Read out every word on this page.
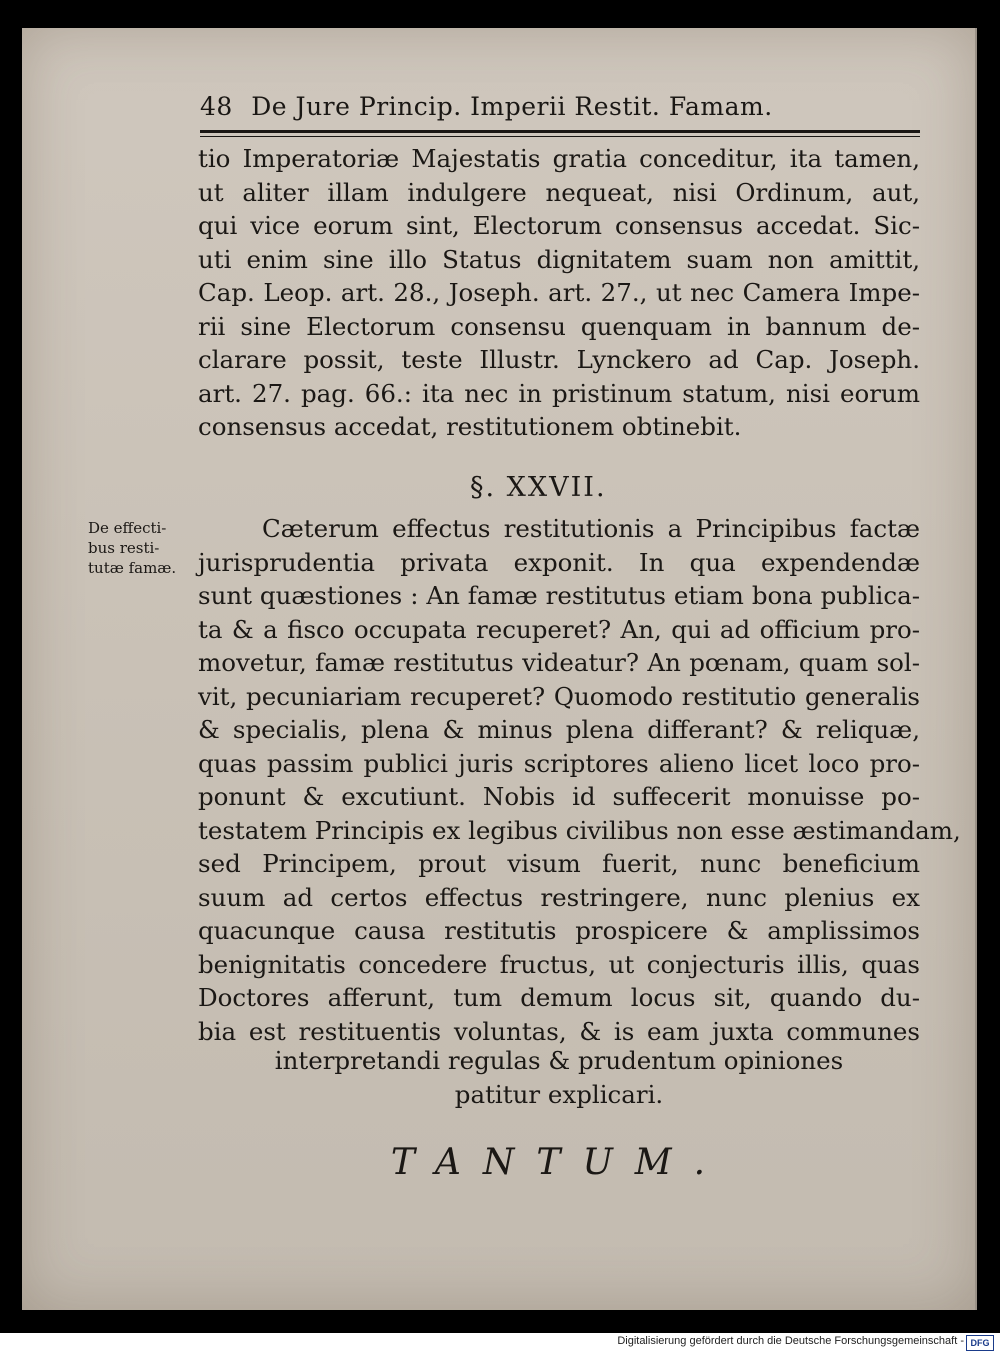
48 De Jure Princip. Imperii Restit. Famam.
tio Imperatoriæ Majestatis gratia conceditur, ita tamen,
ut aliter illam indulgere nequeat, nisi Ordinum, aut,
qui vice eorum sint, Electorum consensus accedat. Sic-
uti enim sine illo Status dignitatem suam non amittit,
Cap. Leop. art. 28., Joseph. art. 27., ut nec Camera Impe-
rii sine Electorum consensu quenquam in bannum de-
clarare possit, teste Illustr. Lynckero ad Cap. Joseph.
art. 27. pag. 66.: ita nec in pristinum statum, nisi eorum
consensus accedat, restitutionem obtinebit.
§. XXVII.
De effecti- bus resti- tutæ famæ.
Cæterum effectus restitutionis a Principibus factæ
jurisprudentia privata exponit. In qua expendendæ
sunt quæstiones : An famæ restitutus etiam bona publica-
ta & a fisco occupata recuperet? An, qui ad officium pro-
movetur, famæ restitutus videatur? An pœnam, quam sol-
vit, pecuniariam recuperet? Quomodo restitutio generalis
& specialis, plena & minus plena differant? & reliquæ,
quas passim publici juris scriptores alieno licet loco pro-
ponunt & excutiunt. Nobis id suffecerit monuisse po-
testatem Principis ex legibus civilibus non esse æstimandam,
sed Principem, prout visum fuerit, nunc beneficium
suum ad certos effectus restringere, nunc plenius ex
quacunque causa restitutis prospicere & amplissimos
benignitatis concedere fructus, ut conjecturis illis, quas
Doctores afferunt, tum demum locus sit, quando du-
bia est restituentis voluntas, & is eam juxta communes
interpretandi regulas & prudentum opiniones
patitur explicari.
TANTUM.
Digitalisierung gefördert durch die Deutsche Forschungsgemeinschaft - DFG
